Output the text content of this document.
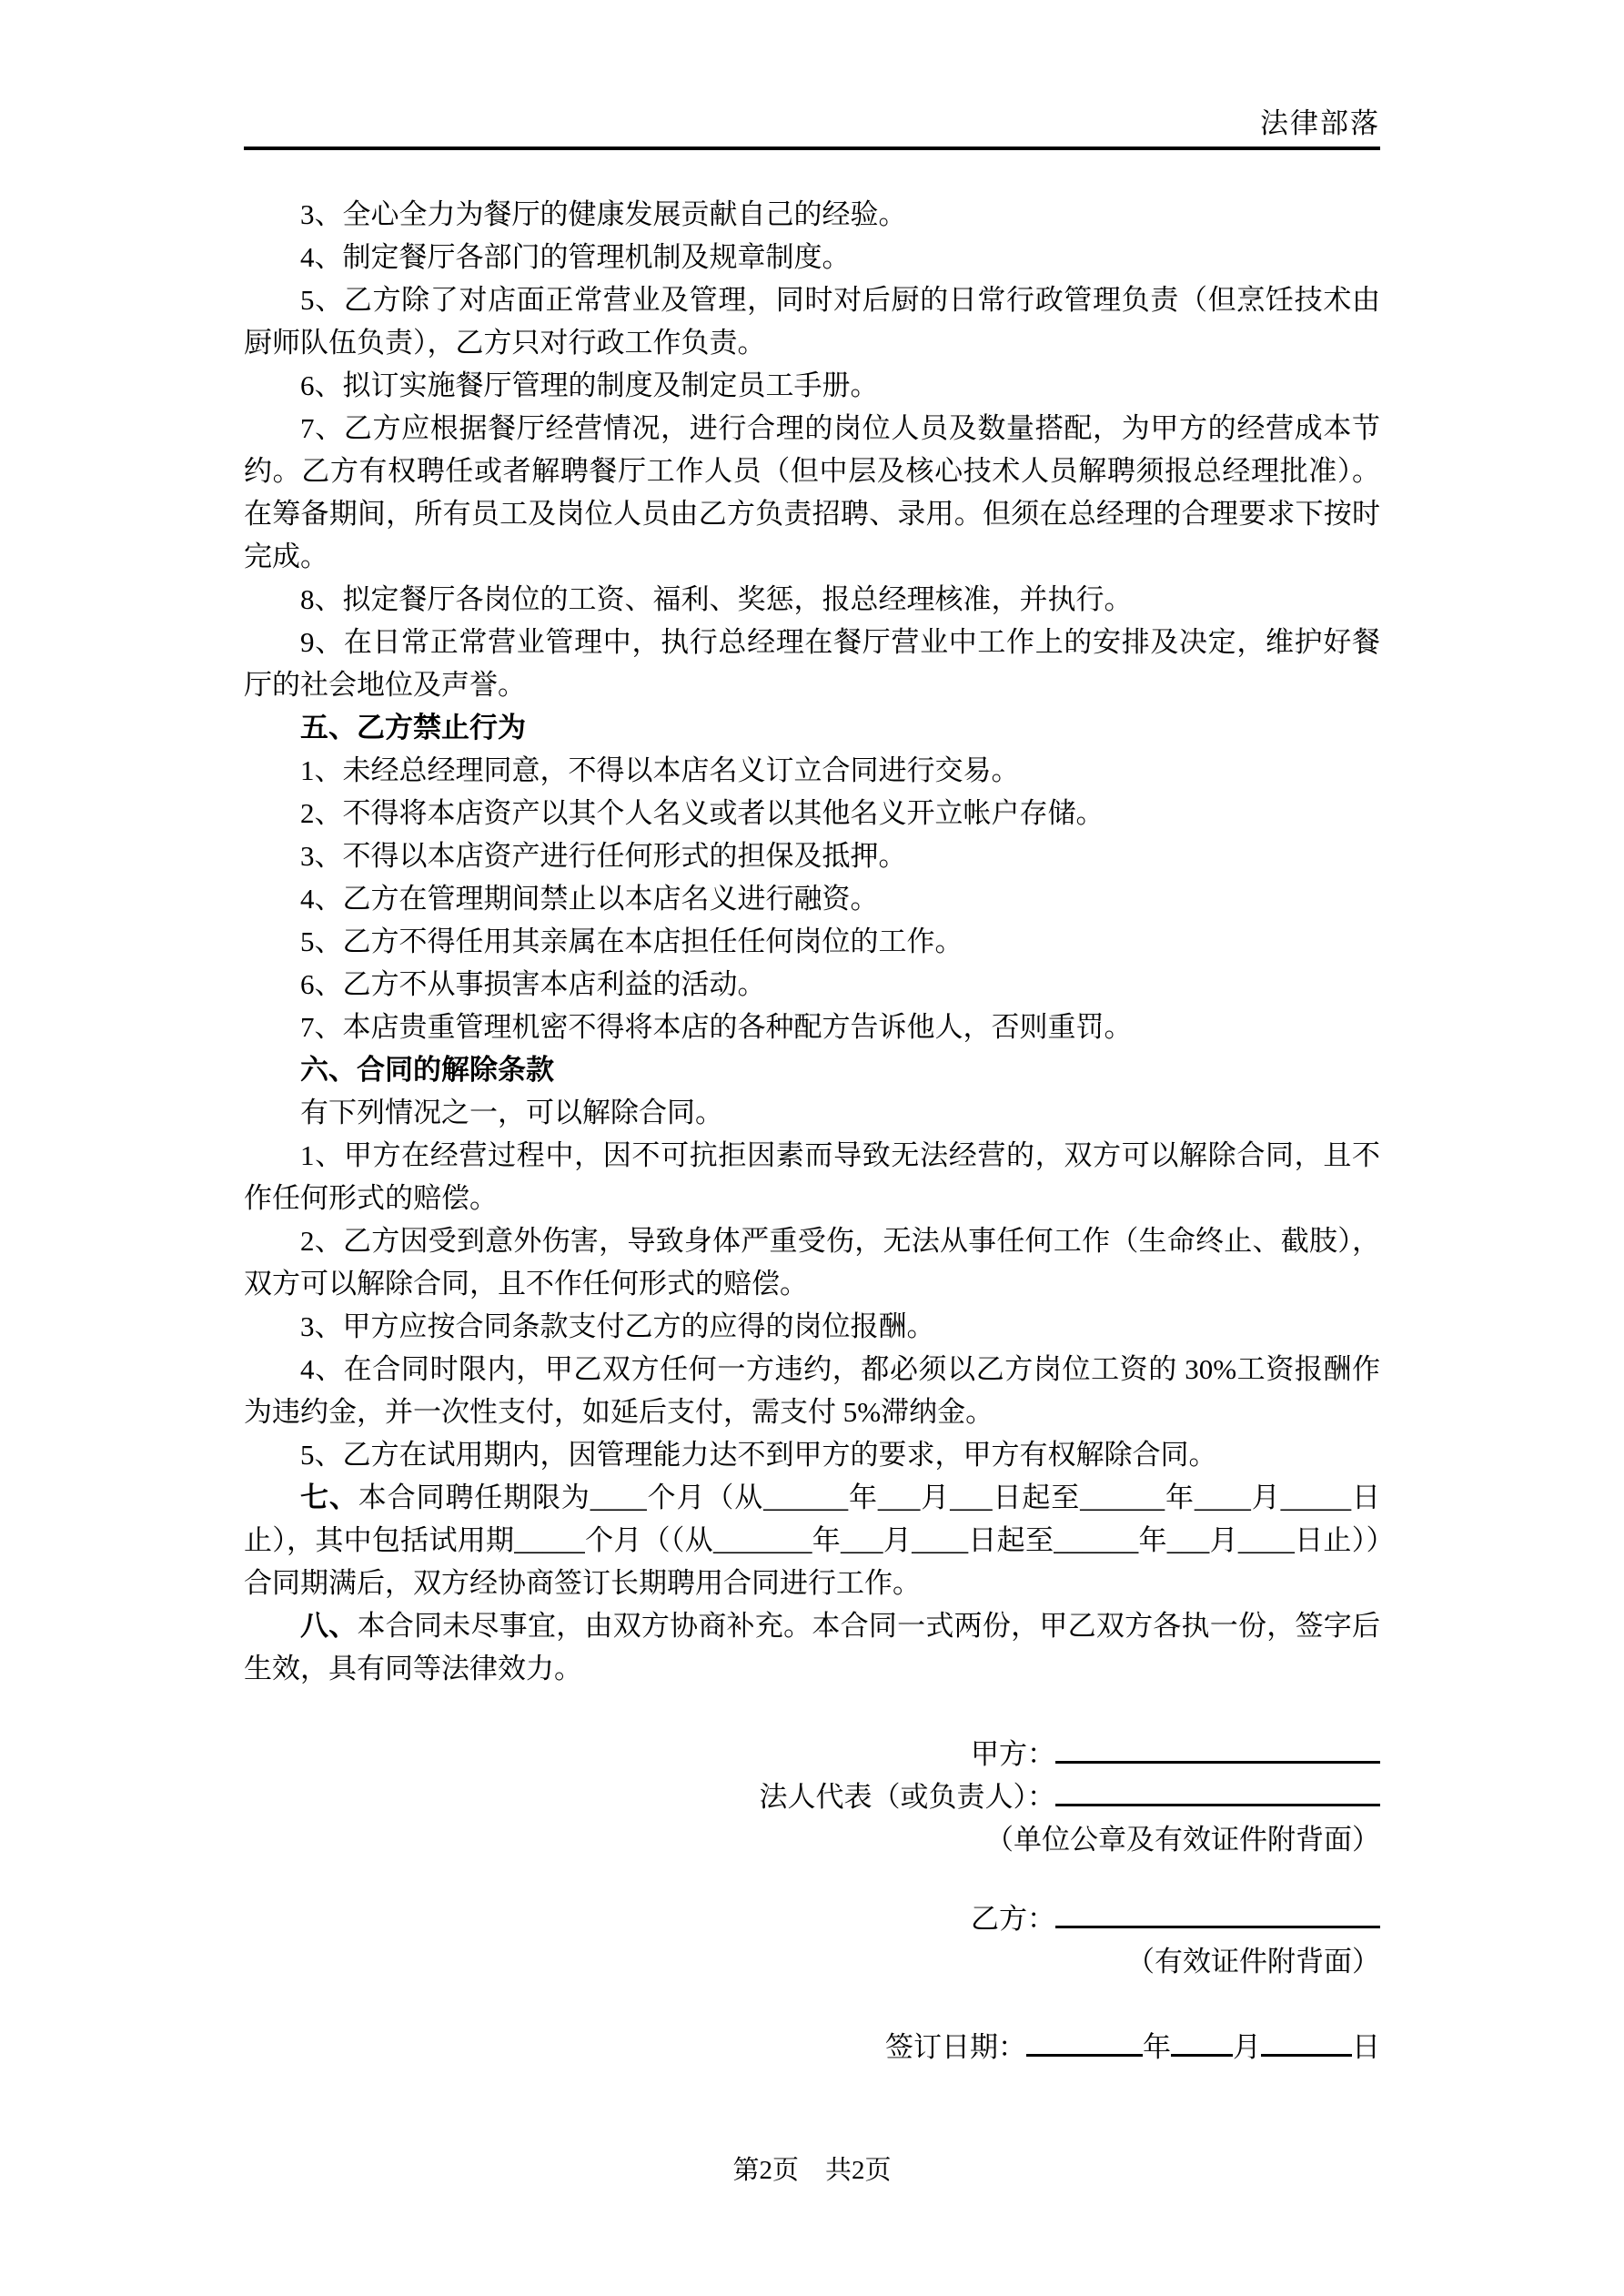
法律部落

3、全心全力为餐厅的健康发展贡献自己的经验。

4、制定餐厅各部门的管理机制及规章制度。

5、乙方除了对店面正常营业及管理，同时对后厨的日常行政管理负责（但烹饪技术由厨师队伍负责），乙方只对行政工作负责。

6、拟订实施餐厅管理的制度及制定员工手册。

7、乙方应根据餐厅经营情况，进行合理的岗位人员及数量搭配，为甲方的经营成本节约。乙方有权聘任或者解聘餐厅工作人员（但中层及核心技术人员解聘须报总经理批准）。在筹备期间，所有员工及岗位人员由乙方负责招聘、录用。但须在总经理的合理要求下按时完成。

8、拟定餐厅各岗位的工资、福利、奖惩，报总经理核准，并执行。

9、在日常正常营业管理中，执行总经理在餐厅营业中工作上的安排及决定，维护好餐厅的社会地位及声誉。

五、乙方禁止行为

1、未经总经理同意，不得以本店名义订立合同进行交易。

2、不得将本店资产以其个人名义或者以其他名义开立帐户存储。

3、不得以本店资产进行任何形式的担保及抵押。

4、乙方在管理期间禁止以本店名义进行融资。

5、乙方不得任用其亲属在本店担任任何岗位的工作。

6、乙方不从事损害本店利益的活动。

7、本店贵重管理机密不得将本店的各种配方告诉他人，否则重罚。

六、合同的解除条款

有下列情况之一，可以解除合同。

1、甲方在经营过程中，因不可抗拒因素而导致无法经营的，双方可以解除合同，且不作任何形式的赔偿。

2、乙方因受到意外伤害，导致身体严重受伤，无法从事任何工作（生命终止、截肢），双方可以解除合同，且不作任何形式的赔偿。

3、甲方应按合同条款支付乙方的应得的岗位报酬。

4、在合同时限内，甲乙双方任何一方违约，都必须以乙方岗位工资的 30%工资报酬作为违约金，并一次性支付，如延后支付，需支付 5%滞纳金。

5、乙方在试用期内，因管理能力达不到甲方的要求，甲方有权解除合同。

七、本合同聘任期限为____个月（从______年___月___日起至______年____月_____日止），其中包括试用期_____个月（（从_______年___月____日起至______年___月____日止））合同期满后，双方经协商签订长期聘用合同进行工作。

八、本合同未尽事宜，由双方协商补充。本合同一式两份，甲乙双方各执一份，签字后生效，具有同等法律效力。

甲方：
法人代表（或负责人）：

（单位公章及有效证件附背面）

乙方：

（有效证件附背面）

签订日期：	年 月	日
第2页　共2页
